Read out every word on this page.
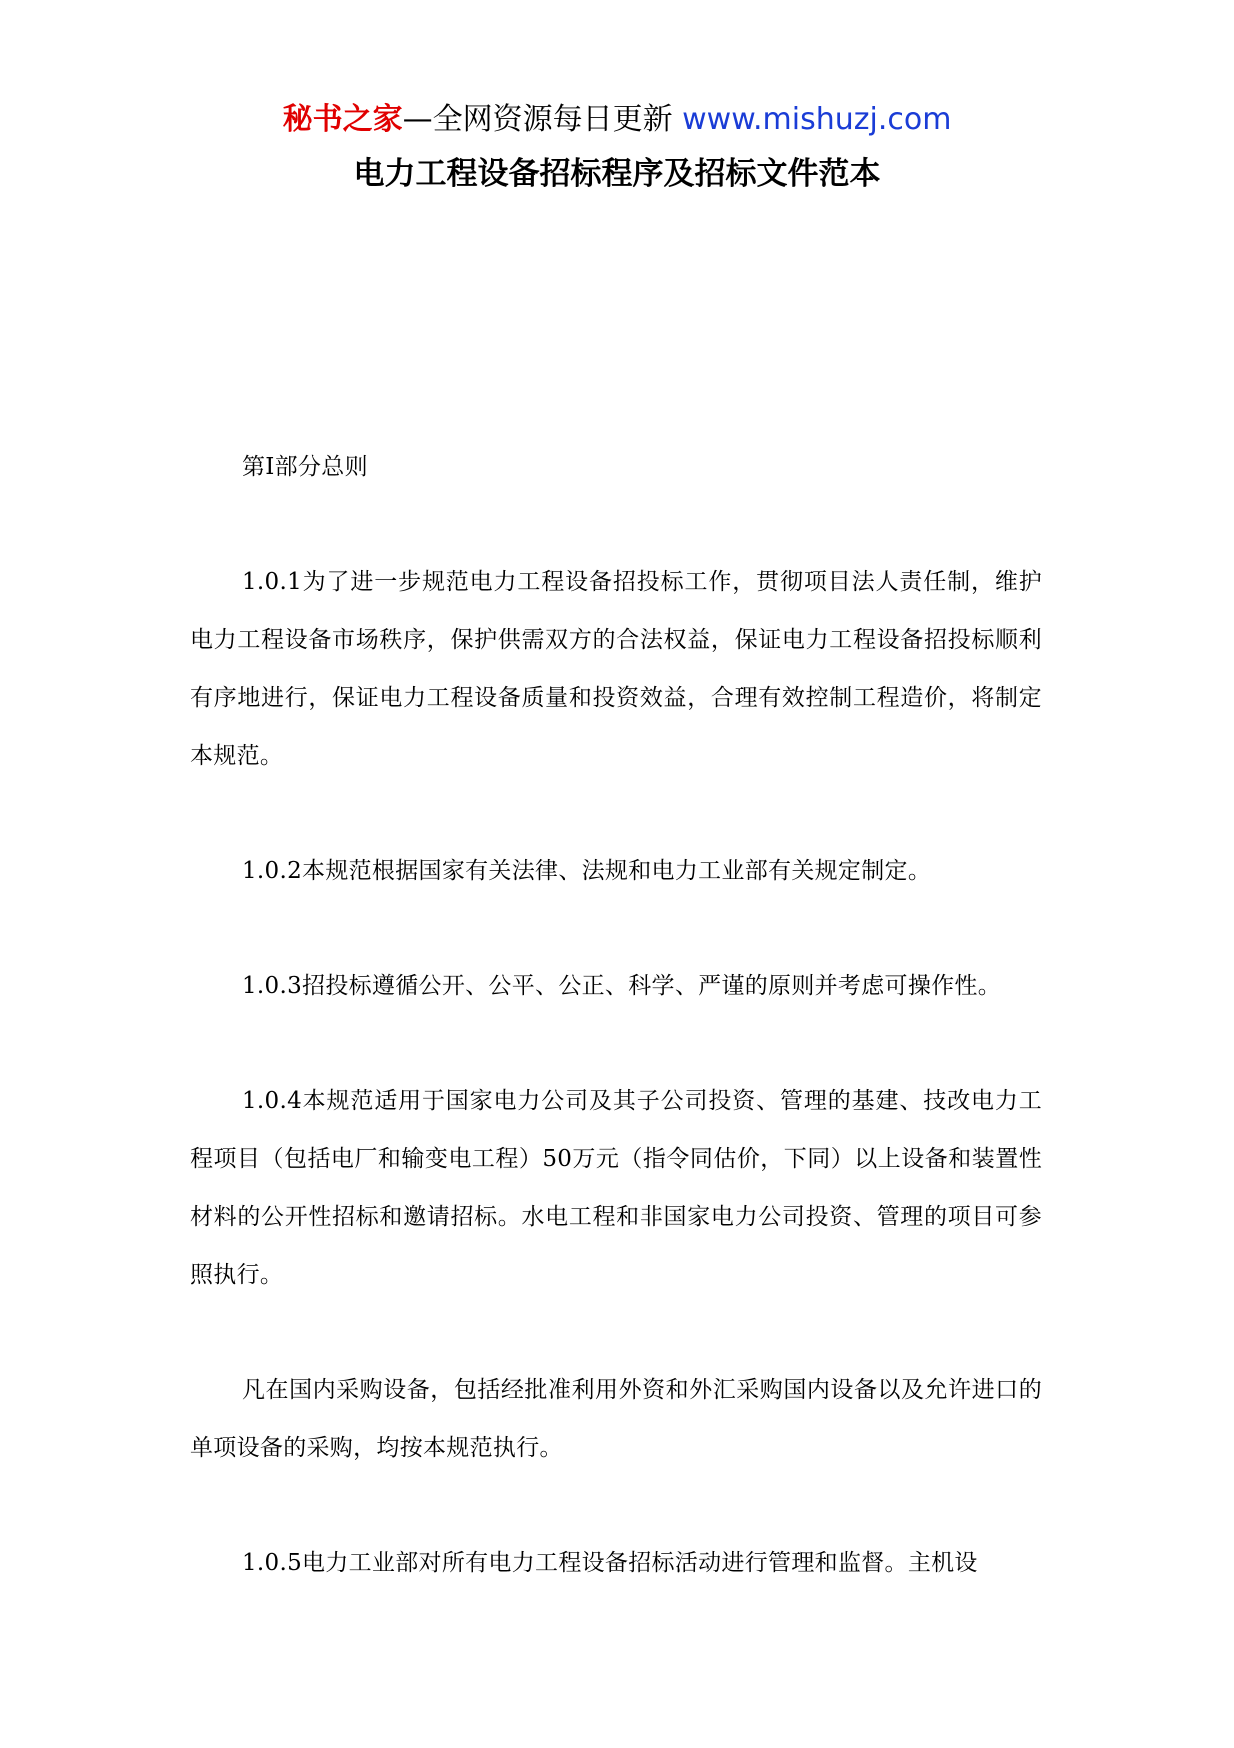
秘书之家—全网资源每日更新 www.mishuzj.com
电力工程设备招标程序及招标文件范本

第I部分总则

1.0.1为了进一步规范电力工程设备招投标工作，贯彻项目法人责任制，维护电力工程设备市场秩序，保护供需双方的合法权益，保证电力工程设备招投标顺利有序地进行，保证电力工程设备质量和投资效益，合理有效控制工程造价，将制定本规范。

1.0.2本规范根据国家有关法律、法规和电力工业部有关规定制定。

1.0.3招投标遵循公开、公平、公正、科学、严谨的原则并考虑可操作性。

1.0.4本规范适用于国家电力公司及其子公司投资、管理的基建、技改电力工程项目（包括电厂和输变电工程）50万元（指令同估价，下同）以上设备和装置性材料的公开性招标和邀请招标。水电工程和非国家电力公司投资、管理的项目可参照执行。

凡在国内采购设备，包括经批准利用外资和外汇采购国内设备以及允许进口的单项设备的采购，均按本规范执行。

1.0.5电力工业部对所有电力工程设备招标活动进行管理和监督。主机设
